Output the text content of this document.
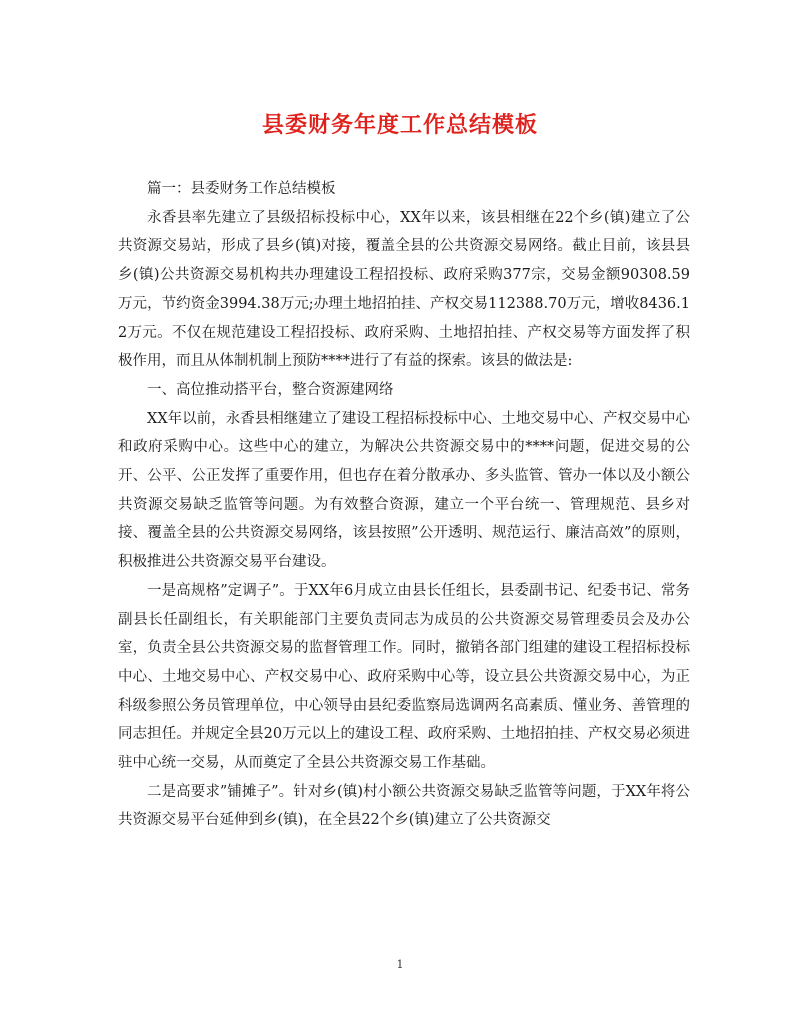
县委财务年度工作总结模板

篇一：县委财务工作总结模板

永香县率先建立了县级招标投标中心，XX年以来，该县相继在22个乡(镇)建立了公共资源交易站，形成了县乡(镇)对接，覆盖全县的公共资源交易网络。截止目前，该县县乡(镇)公共资源交易机构共办理建设工程招投标、政府采购377宗，交易金额90308.59万元，节约资金3994.38万元;办理土地招拍挂、产权交易112388.70万元，增收8436.12万元。不仅在规范建设工程招投标、政府采购、土地招拍挂、产权交易等方面发挥了积极作用，而且从体制机制上预防****进行了有益的探索。该县的做法是:

一、高位推动搭平台，整合资源建网络

XX年以前，永香县相继建立了建设工程招标投标中心、土地交易中心、产权交易中心和政府采购中心。这些中心的建立，为解决公共资源交易中的****问题，促进交易的公开、公平、公正发挥了重要作用，但也存在着分散承办、多头监管、管办一体以及小额公共资源交易缺乏监管等问题。为有效整合资源，建立一个平台统一、管理规范、县乡对接、覆盖全县的公共资源交易网络，该县按照”公开透明、规范运行、廉洁高效”的原则，积极推进公共资源交易平台建设。

一是高规格”定调子”。于XX年6月成立由县长任组长，县委副书记、纪委书记、常务副县长任副组长，有关职能部门主要负责同志为成员的公共资源交易管理委员会及办公室，负责全县公共资源交易的监督管理工作。同时，撤销各部门组建的建设工程招标投标中心、土地交易中心、产权交易中心、政府采购中心等，设立县公共资源交易中心，为正科级参照公务员管理单位，中心领导由县纪委监察局选调两名高素质、懂业务、善管理的同志担任。并规定全县20万元以上的建设工程、政府采购、土地招拍挂、产权交易必须进驻中心统一交易，从而奠定了全县公共资源交易工作基础。

二是高要求”铺摊子”。针对乡(镇)村小额公共资源交易缺乏监管等问题，于XX年将公共资源交易平台延伸到乡(镇)，在全县22个乡(镇)建立了公共资源交

1
